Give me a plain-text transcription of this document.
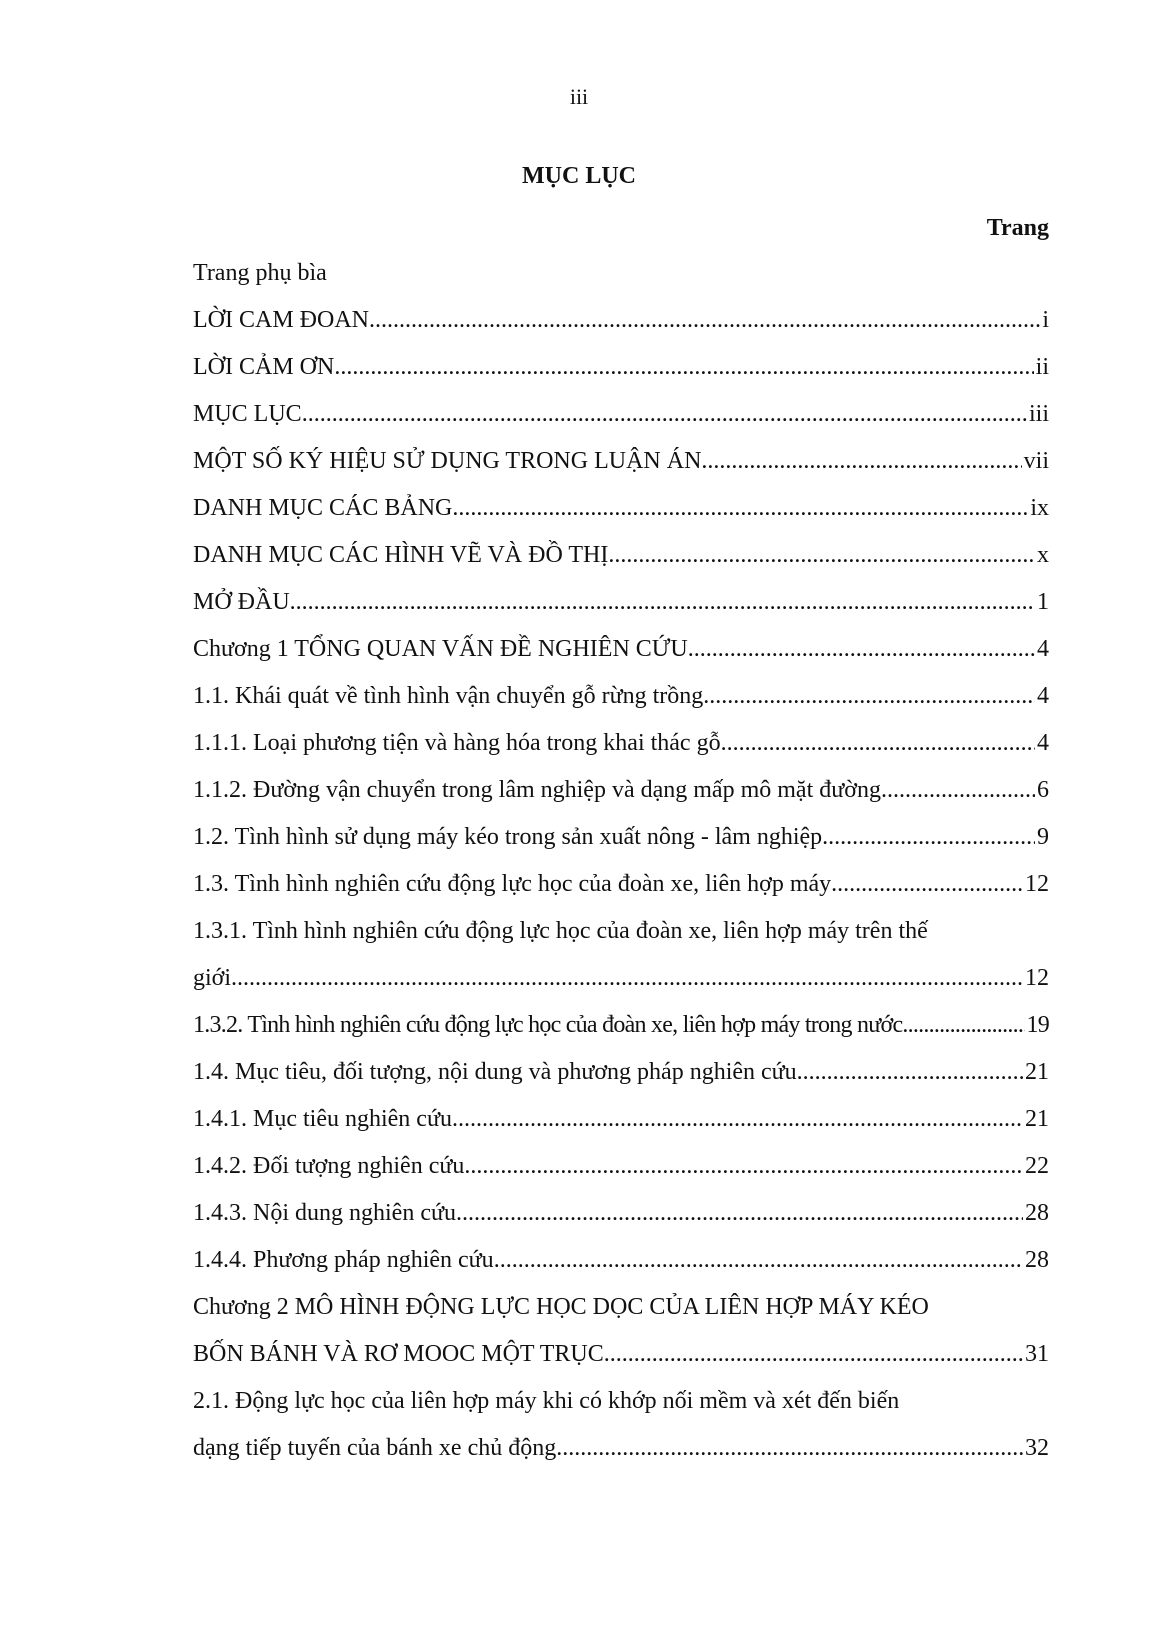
iii
MỤC LỤC
Trang
Trang phụ bìa
LỜI CAM ĐOAN .....	i
LỜI CẢM ƠN .....	ii
MỤC LỤC .....	iii
MỘT SỐ KÝ HIỆU SỬ DỤNG TRONG LUẬN ÁN .....	vii
DANH MỤC CÁC BẢNG .....	ix
DANH MỤC CÁC HÌNH VẼ VÀ ĐỒ THỊ .....	x
MỞ ĐẦU .....	1
Chương 1 TỔNG QUAN VẤN ĐỀ NGHIÊN CỨU .....	4
1.1. Khái quát về tình hình vận chuyển gỗ rừng trồng .....	4
1.1.1. Loại phương tiện và hàng hóa trong khai thác gỗ .....	4
1.1.2. Đường vận chuyển trong lâm nghiệp và dạng mấp mô mặt đường .....	6
1.2. Tình hình sử dụng máy kéo trong sản xuất nông - lâm nghiệp .....	9
1.3. Tình hình nghiên cứu động lực học của đoàn xe, liên hợp máy .....	12
1.3.1. Tình hình nghiên cứu động lực học của đoàn xe, liên hợp máy trên thế
giới .....	12
1.3.2. Tình hình nghiên cứu động lực học của đoàn xe, liên hợp máy trong nước .....	19
1.4. Mục tiêu, đối tượng, nội dung và phương pháp nghiên cứu .....	21
1.4.1. Mục tiêu nghiên cứu .....	21
1.4.2. Đối tượng nghiên cứu .....	22
1.4.3. Nội dung nghiên cứu .....	28
1.4.4. Phương pháp nghiên cứu .....	28
Chương 2 MÔ HÌNH ĐỘNG LỰC HỌC DỌC CỦA LIÊN HỢP MÁY KÉO
BỐN BÁNH VÀ RƠ MOOC MỘT TRỤC .....	31
2.1. Động lực học của liên hợp máy khi có khớp nối mềm và xét đến biến
dạng tiếp tuyến của bánh xe chủ động .....	32
